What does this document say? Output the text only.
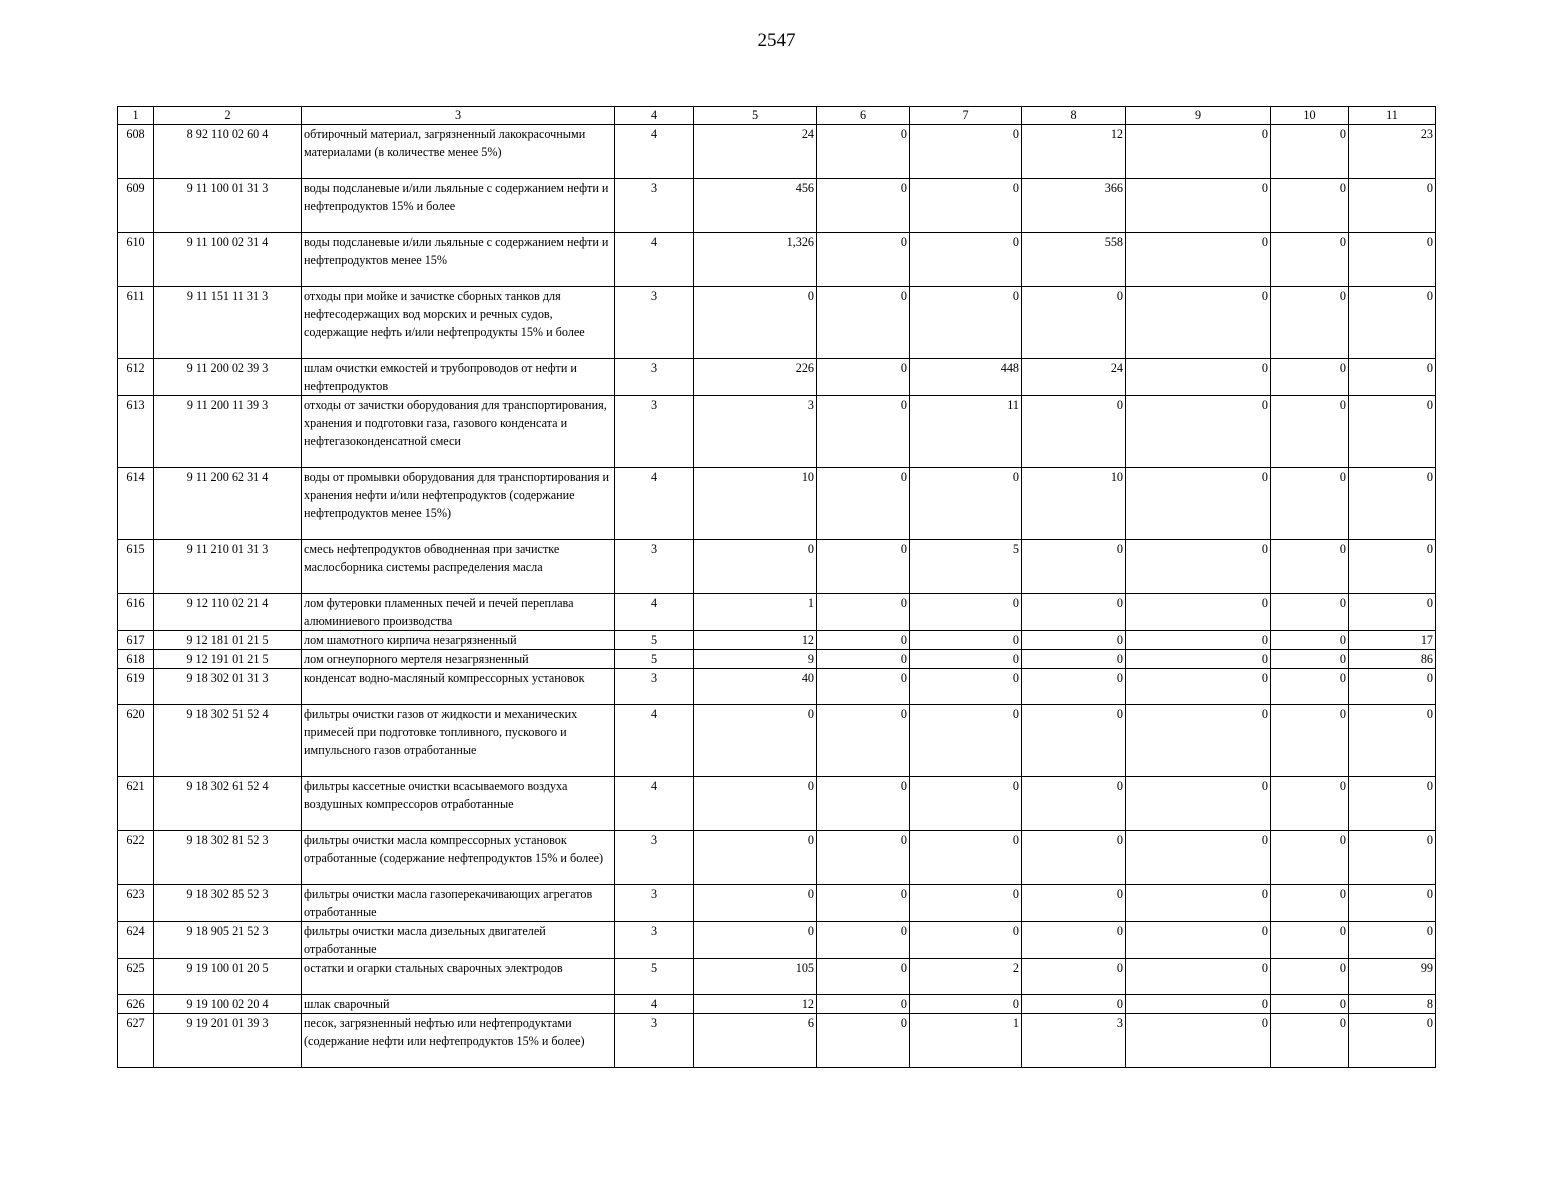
2547
1	2	3	4	5	6	7	8	9	10	11
608	8 92 110 02 60 4	обтирочный материал, загрязненный лакокрасочными материалами (в количестве менее 5%)	4	24	0	0	12	0	0	23
609	9 11 100 01 31 3	воды подсланевые и/или льяльные с содержанием нефти и нефтепродуктов 15% и более	3	456	0	0	366	0	0	0
610	9 11 100 02 31 4	воды подсланевые и/или льяльные с содержанием нефти и нефтепродуктов менее 15%	4	1,326	0	0	558	0	0	0
611	9 11 151 11 31 3	отходы при мойке и зачистке сборных танков для нефтесодержащих вод морских и речных судов, содержащие нефть и/или нефтепродукты 15% и более	3	0	0	0	0	0	0	0
612	9 11 200 02 39 3	шлам очистки емкостей и трубопроводов от нефти и нефтепродуктов	3	226	0	448	24	0	0	0
613	9 11 200 11 39 3	отходы от зачистки оборудования для транспортирования, хранения и подготовки газа, газового конденсата и нефтегазоконденсатной смеси	3	3	0	11	0	0	0	0
614	9 11 200 62 31 4	воды от промывки оборудования для транспортирования и хранения нефти и/или нефтепродуктов (содержание нефтепродуктов менее 15%)	4	10	0	0	10	0	0	0
615	9 11 210 01 31 3	смесь нефтепродуктов обводненная при зачистке маслосборника системы распределения масла	3	0	0	5	0	0	0	0
616	9 12 110 02 21 4	лом футеровки пламенных печей и печей переплава алюминиевого производства	4	1	0	0	0	0	0	0
617	9 12 181 01 21 5	лом шамотного кирпича незагрязненный	5	12	0	0	0	0	0	17
618	9 12 191 01 21 5	лом огнеупорного мертеля незагрязненный	5	9	0	0	0	0	0	86
619	9 18 302 01 31 3	конденсат водно-масляный компрессорных установок	3	40	0	0	0	0	0	0
620	9 18 302 51 52 4	фильтры очистки газов от жидкости и механических примесей при подготовке топливного, пускового и импульсного газов отработанные	4	0	0	0	0	0	0	0
621	9 18 302 61 52 4	фильтры кассетные очистки всасываемого воздуха воздушных компрессоров отработанные	4	0	0	0	0	0	0	0
622	9 18 302 81 52 3	фильтры очистки масла компрессорных установок отработанные (содержание нефтепродуктов 15% и более)	3	0	0	0	0	0	0	0
623	9 18 302 85 52 3	фильтры очистки масла газоперекачивающих агрегатов отработанные	3	0	0	0	0	0	0	0
624	9 18 905 21 52 3	фильтры очистки масла дизельных двигателей отработанные	3	0	0	0	0	0	0	0
625	9 19 100 01 20 5	остатки и огарки стальных сварочных электродов	5	105	0	2	0	0	0	99
626	9 19 100 02 20 4	шлак сварочный	4	12	0	0	0	0	0	8
627	9 19 201 01 39 3	песок, загрязненный нефтью или нефтепродуктами (содержание нефти или нефтепродуктов 15% и более)	3	6	0	1	3	0	0	0
